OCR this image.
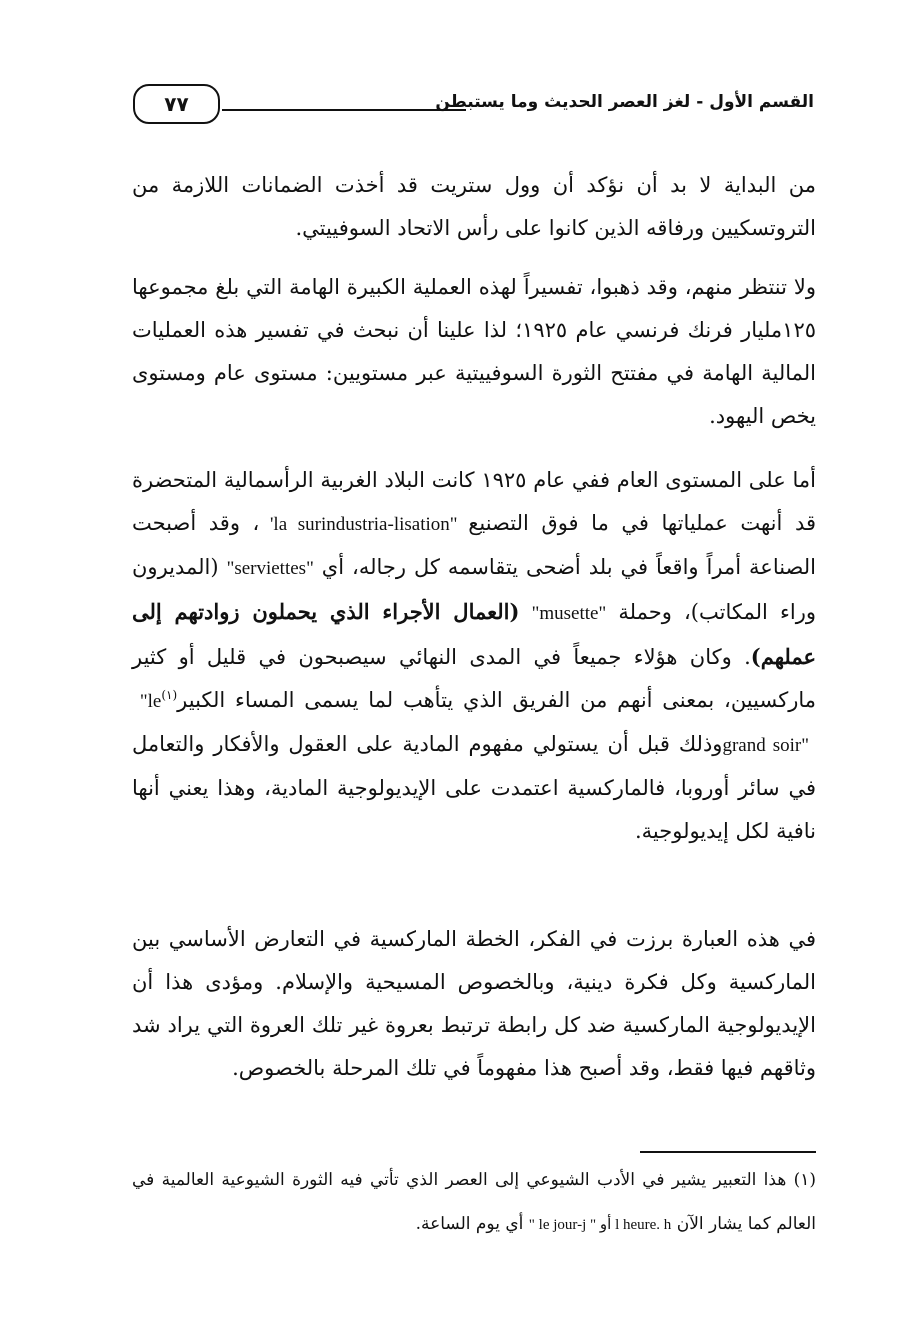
القسم الأول - لغز العصر الحديث وما يستبطن
٧٧

من البداية لا بد أن نؤكد أن وول ستريت قد أخذت الضمانات اللازمة من التروتسكيين ورفاقه الذين كانوا على رأس الاتحاد السوفييتي.

ولا تنتظر منهم، وقد ذهبوا، تفسيراً لهذه العملية الكبيرة الهامة التي بلغ مجموعها ١٢٥مليار فرنك فرنسي عام ١٩٢٥؛ لذا علينا أن نبحث في تفسير هذه العمليات المالية الهامة في مفتتح الثورة السوفييتية عبر مستويين: مستوى عام ومستوى يخص اليهود.

أما على المستوى العام ففي عام ١٩٢٥ كانت البلاد الغربية الرأسمالية المتحضرة قد أنهت عملياتها في ما فوق التصنيع 'la surindustria-lisation" ، وقد أصبحت الصناعة أمراً واقعاً في بلد أضحى يتقاسمه كل رجاله، أي "serviettes" (المديرون وراء المكاتب)، وحملة "musette" (العمال الأجراء الذي يحملون زوادتهم إلى عملهم). وكان هؤلاء جميعاً في المدى النهائي سيصبحون في قليل أو كثير ماركسيين، بمعنى أنهم من الفريق الذي يتأهب لما يسمى المساء الكبير$^{(١)}$ "le grand soir" وذلك قبل أن يستولي مفهوم المادية على العقول والأفكار والتعامل في سائر أوروبا، فالماركسية اعتمدت على الإيديولوجية المادية، وهذا يعني أنها نافية لكل إيديولوجية.

في هذه العبارة برزت في الفكر، الخطة الماركسية في التعارض الأساسي بين الماركسية وكل فكرة دينية، وبالخصوص المسيحية والإسلام. ومؤدى هذا أن الإيديولوجية الماركسية ضد كل رابطة ترتبط بعروة غير تلك العروة التي يراد شد وثاقهم فيها فقط، وقد أصبح هذا مفهوماً في تلك المرحلة بالخصوص.

(١) هذا التعبير يشير في الأدب الشيوعي إلى العصر الذي تأتي فيه الثورة الشيوعية العالمية في العالم كما يشار الآن " le jour-j " أو l heure. h أي يوم الساعة.
